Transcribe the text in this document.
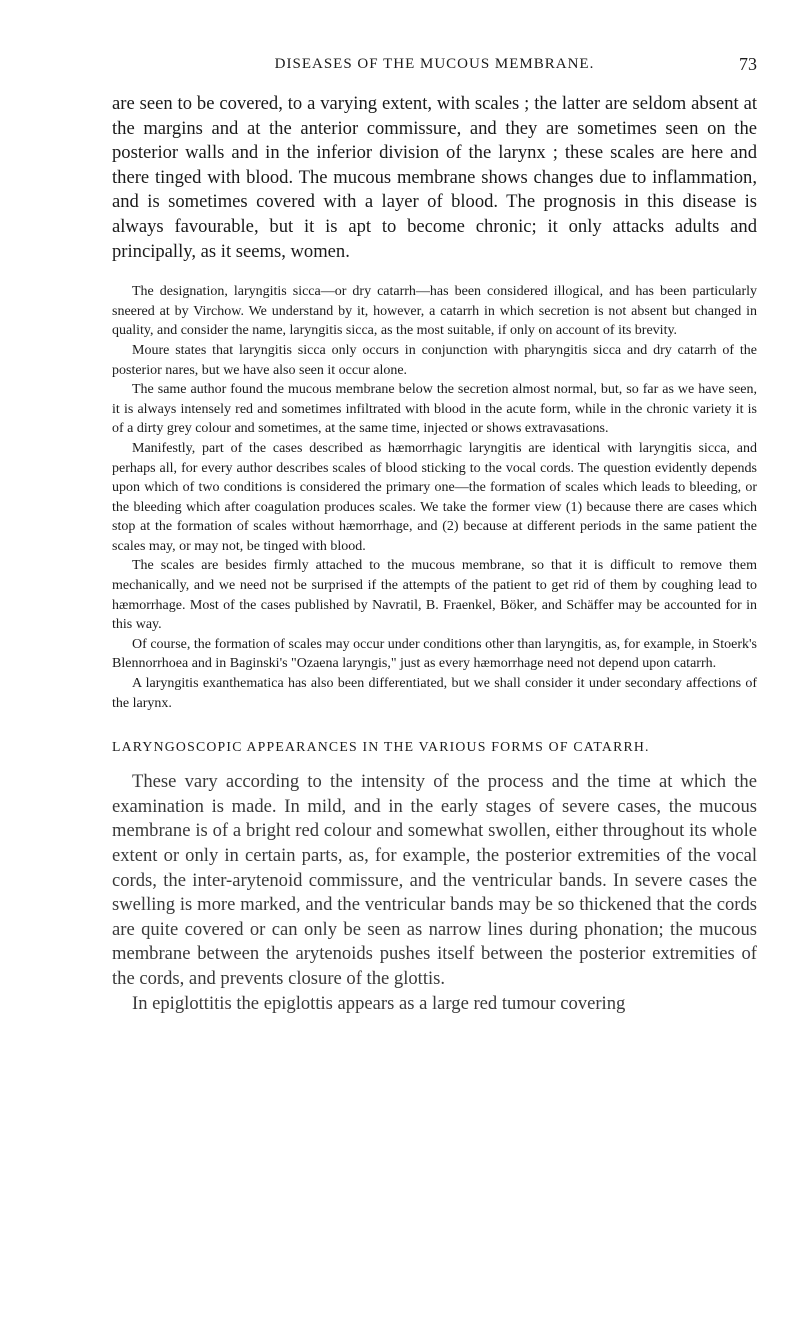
DISEASES OF THE MUCOUS MEMBRANE.	73

are seen to be covered, to a varying extent, with scales ; the latter are seldom absent at the margins and at the anterior commissure, and they are sometimes seen on the posterior walls and in the inferior division of the larynx ; these scales are here and there tinged with blood. The mucous membrane shows changes due to inflammation, and is sometimes covered with a layer of blood. The prognosis in this disease is always favourable, but it is apt to become chronic; it only attacks adults and principally, as it seems, women.

The designation, laryngitis sicca—or dry catarrh—has been considered illogical, and has been particularly sneered at by Virchow. We understand by it, however, a catarrh in which secretion is not absent but changed in quality, and consider the name, laryngitis sicca, as the most suitable, if only on account of its brevity.

Moure states that laryngitis sicca only occurs in conjunction with pharyngitis sicca and dry catarrh of the posterior nares, but we have also seen it occur alone.

The same author found the mucous membrane below the secretion almost normal, but, so far as we have seen, it is always intensely red and sometimes infiltrated with blood in the acute form, while in the chronic variety it is of a dirty grey colour and sometimes, at the same time, injected or shows extravasations.

Manifestly, part of the cases described as hæmorrhagic laryngitis are identical with laryngitis sicca, and perhaps all, for every author describes scales of blood sticking to the vocal cords. The question evidently depends upon which of two conditions is considered the primary one—the formation of scales which leads to bleeding, or the bleeding which after coagulation produces scales. We take the former view (1) because there are cases which stop at the formation of scales without hæmorrhage, and (2) because at different periods in the same patient the scales may, or may not, be tinged with blood.

The scales are besides firmly attached to the mucous membrane, so that it is difficult to remove them mechanically, and we need not be surprised if the attempts of the patient to get rid of them by coughing lead to hæmorrhage. Most of the cases published by Navratil, B. Fraenkel, Böker, and Schäffer may be accounted for in this way.

Of course, the formation of scales may occur under conditions other than laryngitis, as, for example, in Stoerk's Blennorrhoea and in Baginski's "Ozaena laryngis," just as every hæmorrhage need not depend upon catarrh.

A laryngitis exanthematica has also been differentiated, but we shall consider it under secondary affections of the larynx.

LARYNGOSCOPIC APPEARANCES IN THE VARIOUS FORMS OF CATARRH.

These vary according to the intensity of the process and the time at which the examination is made. In mild, and in the early stages of severe cases, the mucous membrane is of a bright red colour and somewhat swollen, either throughout its whole extent or only in certain parts, as, for example, the posterior extremities of the vocal cords, the inter-arytenoid commissure, and the ventricular bands. In severe cases the swelling is more marked, and the ventricular bands may be so thickened that the cords are quite covered or can only be seen as narrow lines during phonation; the mucous membrane between the arytenoids pushes itself between the posterior extremities of the cords, and prevents closure of the glottis.

In epiglottitis the epiglottis appears as a large red tumour covering
